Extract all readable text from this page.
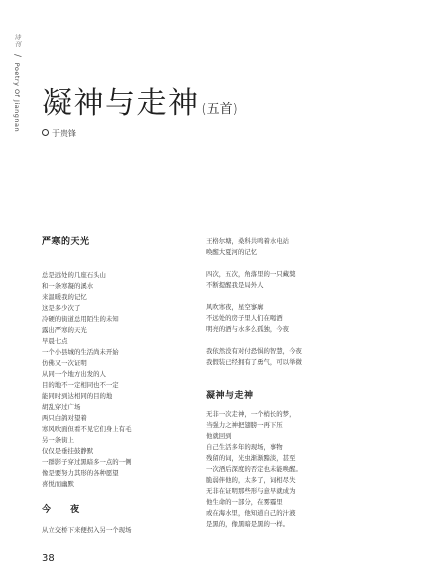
诗刊 / Poetry Of Jiangnan 凝神与走神 (五首)
于贵锋

严寒的天光

总是远处的几座石头山

和一条寒凝的溪水

来温暖我的记忆

这是多少次了

冷硬的街道总用陌生的未知

露出严寒的天光

早晨七点

一个小县城的生活尚未开始

仿佛又一次证明

从同一个地方出发的人

目的地不一定相同也不一定

能同时到达相同的目的地

胡乱穿过广场

两只白鸽对望着

寒风吹面但看不见它们身上有毛

另一条街上

仅仅是垂挂鼓静默

一群影子穿过黑暗多一点的一侧

像是要努力其形的各种愿望

喜悦而幽默

今 夜

从立交桥下来便拐入另一个现场

王格尔塘，桑科共鸣着水电站

唤醒大夏河的记忆

四次，五次，角落里的一只藏獒

不断提醒我是局外人

风吹寒夜，星空寥廓

不远处的房子里人们在喝酒

明亮的酒与水多么孤独，今夜

我依然没有对付恐惧的智慧，今夜

我假装已经拥有了勇气，可以举微

凝神与走神

无非一次走神，一个梢长的梦，

当强力之神把翅膀一再下压

他就回到

自己生活多年的现场，事物

残留的词，光虫渐渐黯淡，甚至

一次酒后深度的否定也未能唤醒。

脆弱伴他的，太多了，词相尽失

无非在证明那些形与意早就成为

他生命的一部分，在雾霾里

或在海水里，他知道自己的汁液

是黑的，像黑暗是黑的一样。

38
